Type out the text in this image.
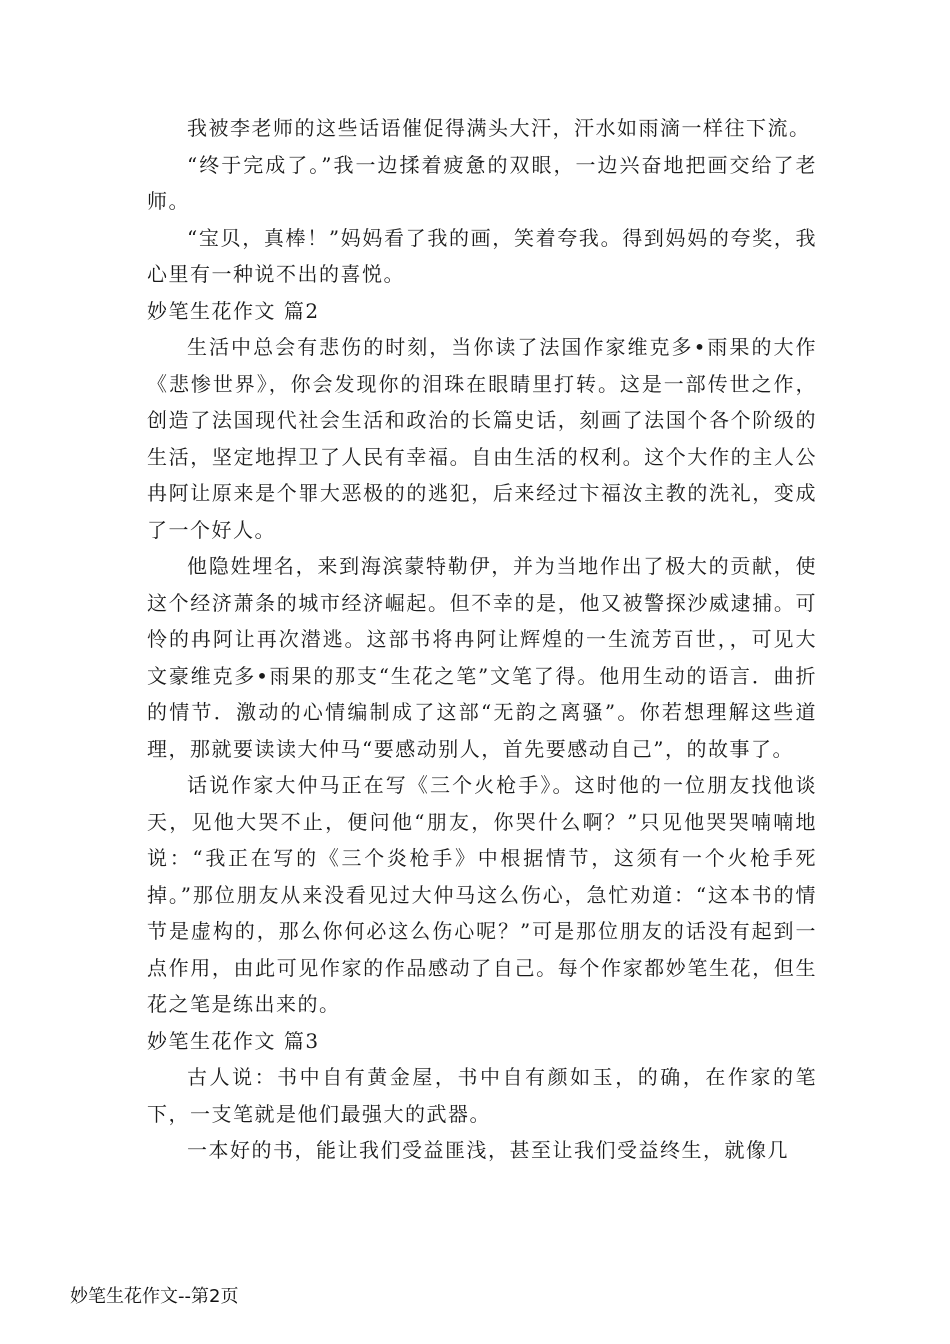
我被李老师的这些话语催促得满头大汗，汗水如雨滴一样往下流。

“终于完成了。”我一边揉着疲惫的双眼，一边兴奋地把画交给了老师。

“宝贝，真棒！”妈妈看了我的画，笑着夸我。得到妈妈的夸奖，我心里有一种说不出的喜悦。

妙笔生花作文 篇2

生活中总会有悲伤的时刻，当你读了法国作家维克多•雨果的大作《悲惨世界》，你会发现你的泪珠在眼睛里打转。这是一部传世之作，创造了法国现代社会生活和政治的长篇史话，刻画了法国个各个阶级的生活，坚定地捍卫了人民有幸福。自由生活的权利。这个大作的主人公冉阿让原来是个罪大恶极的的逃犯，后来经过卞福汝主教的洗礼，变成了一个好人。

他隐姓埋名，来到海滨蒙特勒伊，并为当地作出了极大的贡献，使这个经济萧条的城市经济崛起。但不幸的是，他又被警探沙威逮捕。可怜的冉阿让再次潜逃。这部书将冉阿让辉煌的一生流芳百世，，可见大文豪维克多•雨果的那支“生花之笔”文笔了得。他用生动的语言．曲折的情节．激动的心情编制成了这部“无韵之离骚”。你若想理解这些道理，那就要读读大仲马“要感动别人，首先要感动自己”，的故事了。

话说作家大仲马正在写《三个火枪手》。这时他的一位朋友找他谈天，见他大哭不止，便问他“朋友，你哭什么啊？”只见他哭哭喃喃地说：“我正在写的《三个炎枪手》中根据情节，这须有一个火枪手死掉。”那位朋友从来没看见过大仲马这么伤心，急忙劝道：“这本书的情节是虚构的，那么你何必这么伤心呢？”可是那位朋友的话没有起到一点作用，由此可见作家的作品感动了自己。每个作家都妙笔生花，但生花之笔是练出来的。

妙笔生花作文 篇3

古人说：书中自有黄金屋，书中自有颜如玉，的确，在作家的笔下，一支笔就是他们最强大的武器。

一本好的书，能让我们受益匪浅，甚至让我们受益终生，就像几

妙笔生花作文--第2页
